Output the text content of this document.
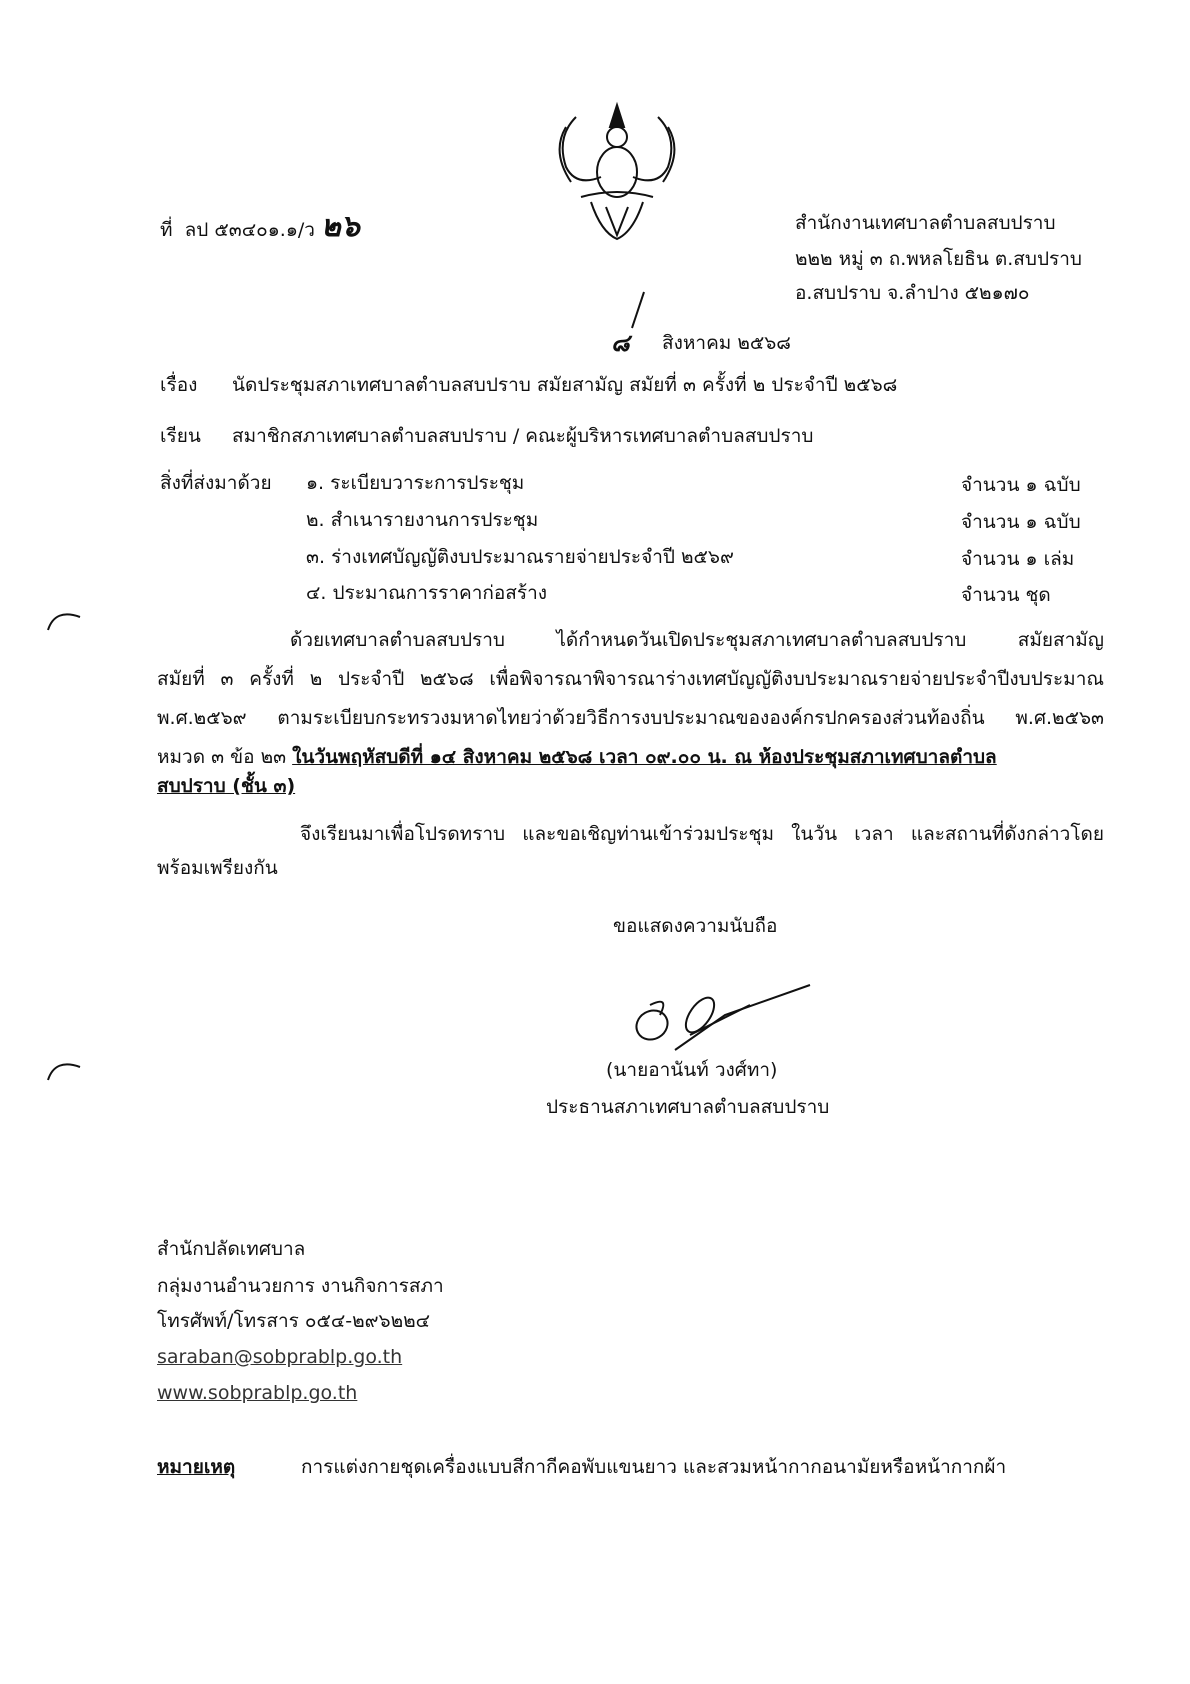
ที่ ลป ๕๓๔๐๑.๑/ว ๒๖	สำนักงานเทศบาลตำบลสบปราบ
๒๒๒ หมู่ ๓ ถ.พหลโยธิน ต.สบปราบ
อ.สบปราบ จ.ลำปาง ๕๒๑๗๐
๘ สิงหาคม ๒๕๖๘
เรื่อง นัดประชุมสภาเทศบาลตำบลสบปราบ สมัยสามัญ สมัยที่ ๓ ครั้งที่ ๒ ประจำปี ๒๕๖๘
เรียน สมาชิกสภาเทศบาลตำบลสบปราบ / คณะผู้บริหารเทศบาลตำบลสบปราบ
สิ่งที่ส่งมาด้วย ๑. ระเบียบวาระการประชุม	จำนวน ๑ ฉบับ
๒. สำเนารายงานการประชุม	จำนวน ๑ ฉบับ
๓. ร่างเทศบัญญัติงบประมาณรายจ่ายประจำปี ๒๕๖๙	จำนวน ๑ เล่ม
๔. ประมาณการราคาก่อสร้าง	จำนวน ชุด
ด้วยเทศบาลตำบลสบปราบ ได้กำหนดวันเปิดประชุมสภาเทศบาลตำบลสบปราบ สมัยสามัญ
สมัยที่ ๓ ครั้งที่ ๒ ประจำปี ๒๕๖๘ เพื่อพิจารณาพิจารณาร่างเทศบัญญัติงบประมาณรายจ่ายประจำปีงบประมาณ
พ.ศ.๒๕๖๙ ตามระเบียบกระทรวงมหาดไทยว่าด้วยวิธีการงบประมาณขององค์กรปกครองส่วนท้องถิ่น พ.ศ.๒๕๖๓
หมวด ๓ ข้อ ๒๓ ในวันพฤหัสบดีที่ ๑๔ สิงหาคม ๒๕๖๘ เวลา ๐๙.๐๐ น. ณ ห้องประชุมสภาเทศบาลตำบล
สบปราบ (ชั้น ๓)
จึงเรียนมาเพื่อโปรดทราบ และขอเชิญท่านเข้าร่วมประชุม ในวัน เวลา และสถานที่ดังกล่าวโดย
พร้อมเพรียงกัน
ขอแสดงความนับถือ
(นายอานันท์ วงศ์ทา)
ประธานสภาเทศบาลตำบลสบปราบ
สำนักปลัดเทศบาล
กลุ่มงานอำนวยการ งานกิจการสภา
โทรศัพท์/โทรสาร ๐๕๔-๒๙๖๒๒๔
saraban@sobprablp.go.th
www.sobprablp.go.th
หมายเหตุ	การแต่งกายชุดเครื่องแบบสีกากีคอพับแขนยาว และสวมหน้ากากอนามัยหรือหน้ากากผ้า
